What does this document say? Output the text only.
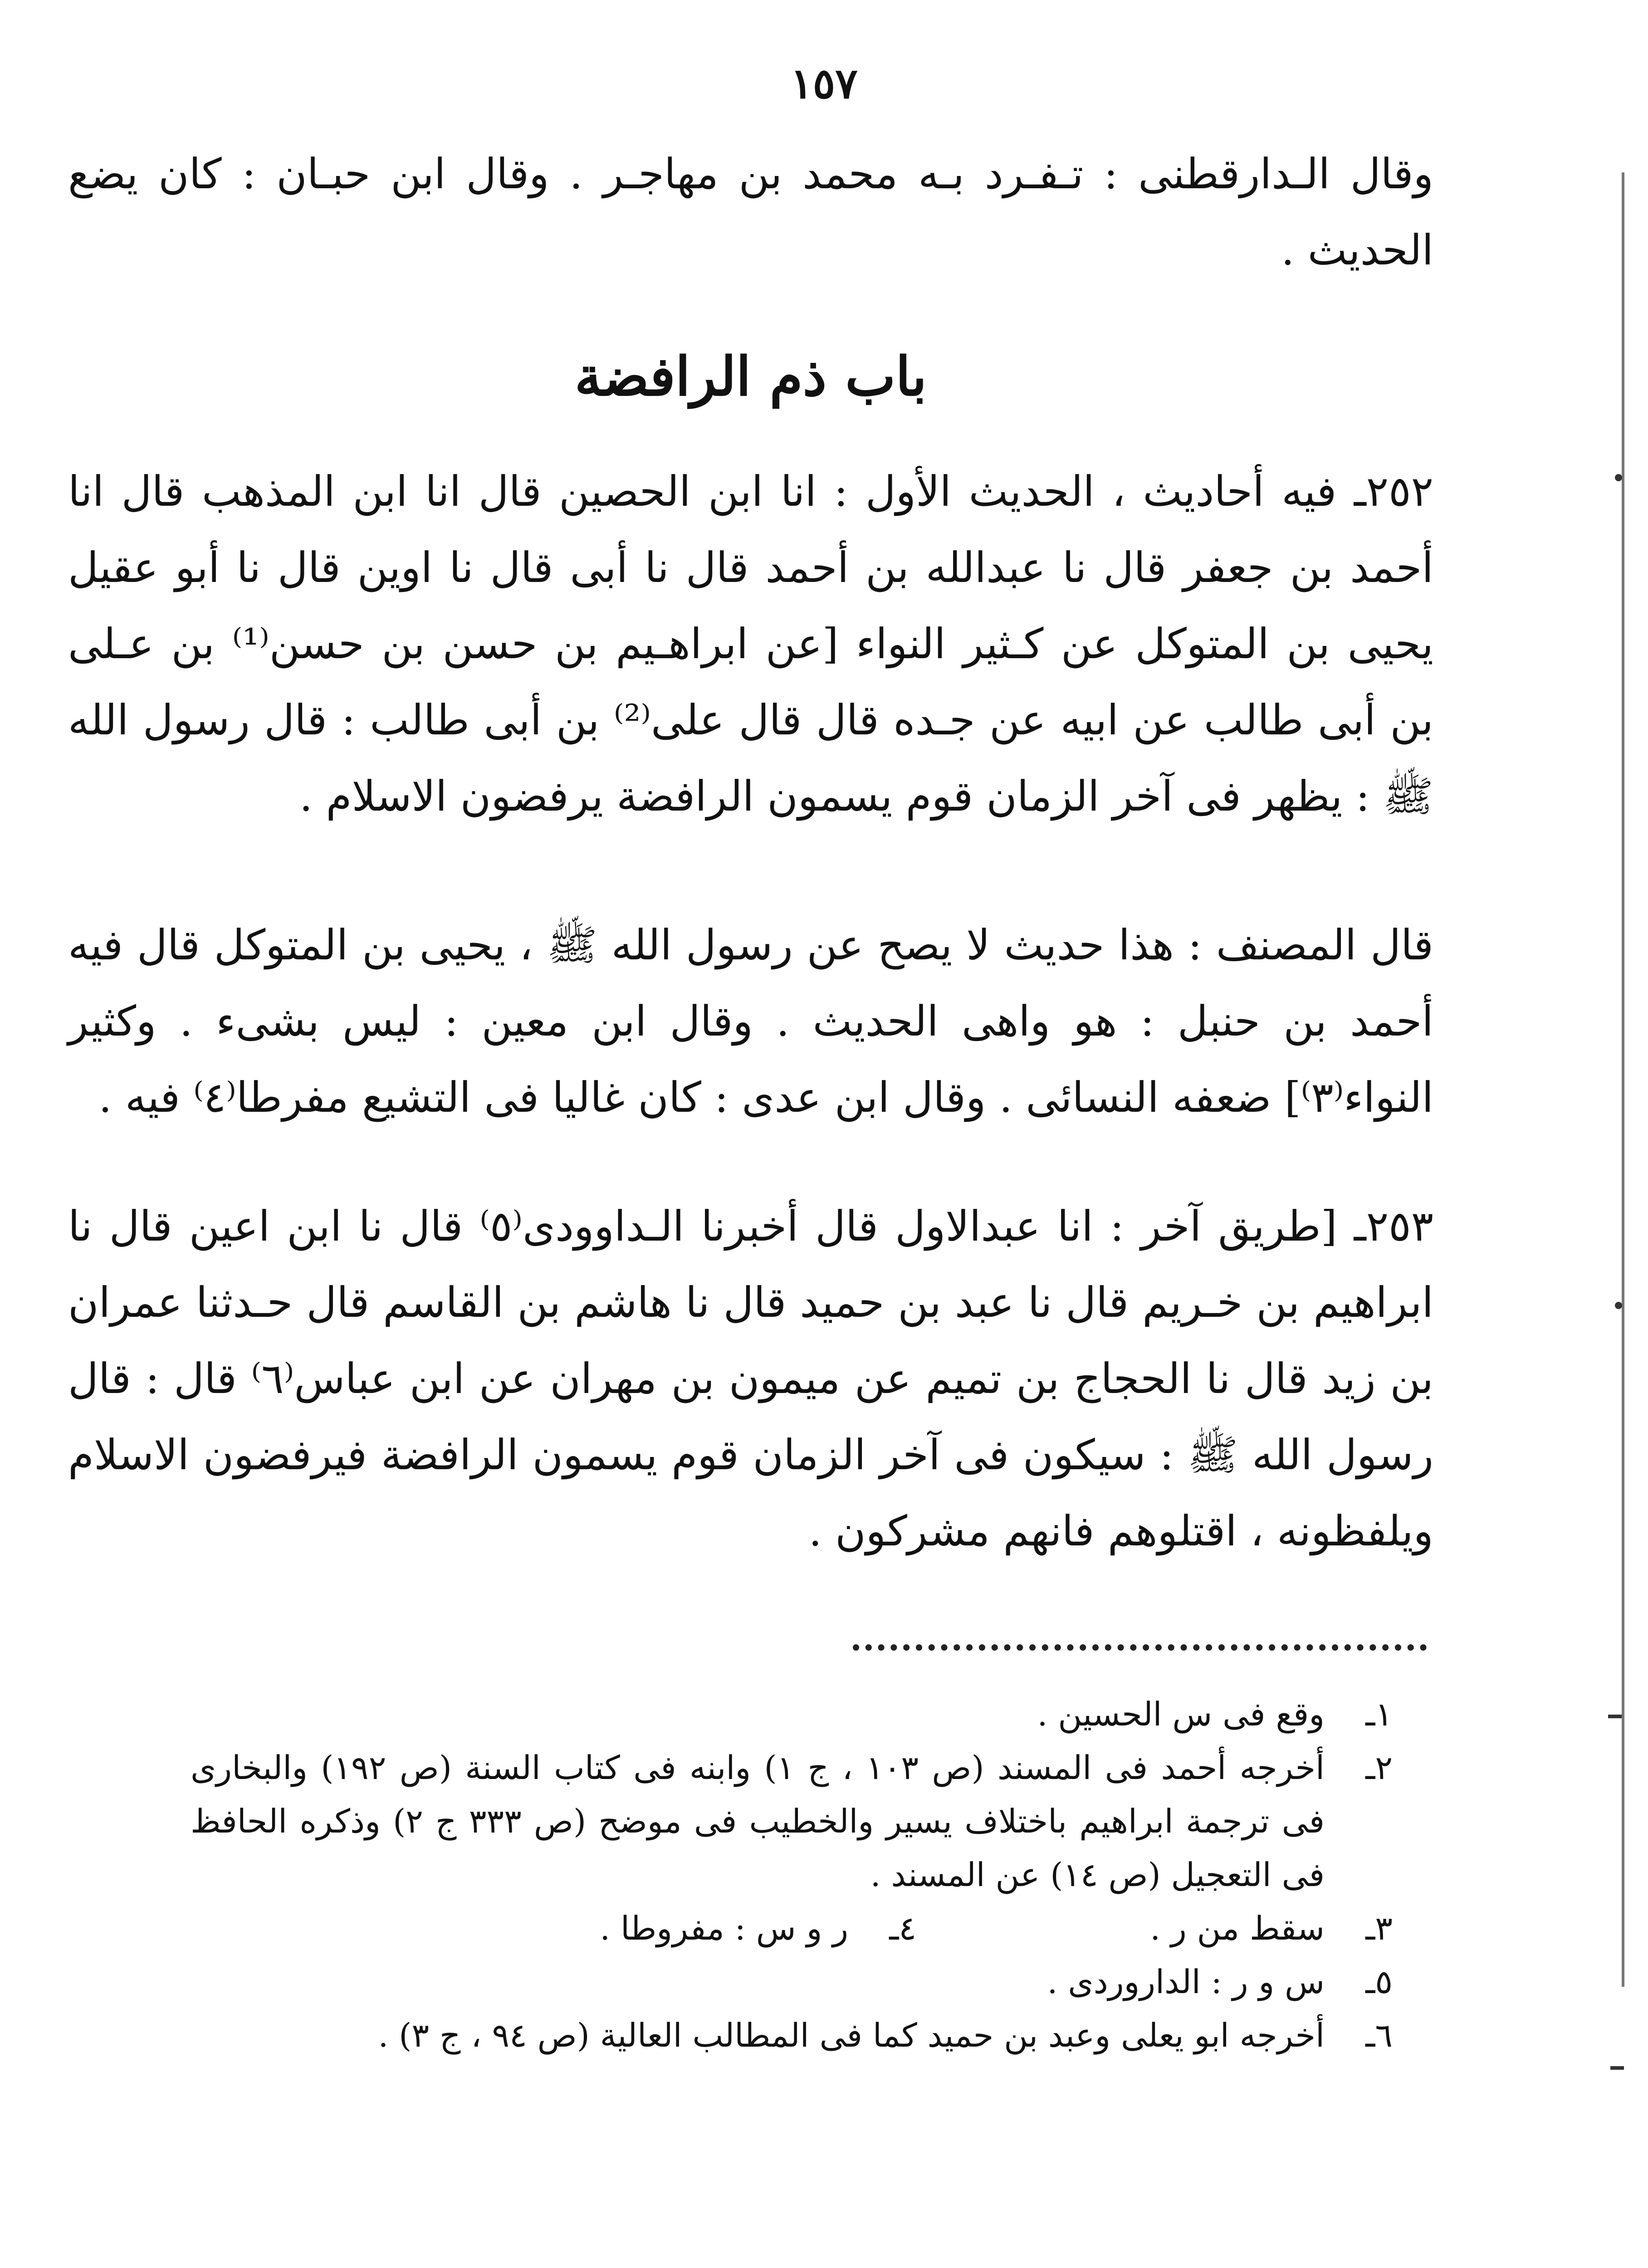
١٥٧
وقال الـدارقطنى : تـفـرد بـه محمد بن مهاجـر . وقال ابن حبـان : كان يضع الحديث .
باب ذم الرافضة
٢٥٢ـ فيه أحاديث ، الحديث الأول : انا ابن الحصين قال انا ابن المذهب قال انا أحمد بن جعفر قال نا عبدالله بن أحمد قال نا أبى قال نا اوين قال نا أبو عقيل يحيى بن المتوكل عن كـثير النواء [عن ابراهـيم بن حسن بن حسن⁽¹⁾ بن عـلى بن أبى طالب عن ابيه عن جـده قال قال على⁽²⁾ بن أبى طالب : قال رسول الله ﷺ : يظهر فى آخر الزمان قوم يسمون الرافضة يرفضون الاسلام .
قال المصنف : هذا حديث لا يصح عن رسول الله ﷺ ، يحيى بن المتوكل قال فيه أحمد بن حنبل : هو واهى الحديث . وقال ابن معين : ليس بشىء . وكثير النواء⁽٣⁾] ضعفه النسائى . وقال ابن عدى : كان غاليا فى التشيع مفرطا⁽٤⁾ فيه .
٢٥٣ـ [طريق آخر : انا عبدالاول قال أخبرنا الـداوودى⁽٥⁾ قال نا ابن اعين قال نا ابراهيم بن خـريم قال نا عبد بن حميد قال نا هاشم بن القاسم قال حـدثنا عمران بن زيد قال نا الحجاج بن تميم عن ميمون بن مهران عن ابن عباس⁽٦⁾ قال : قال رسول الله ﷺ : سيكون فى آخر الزمان قوم يسمون الرافضة فيرفضون الاسلام ويلفظونه ، اقتلوهم فانهم مشركون .
١ـ
وقع فى س الحسين .
٢ـ
أخرجه أحمد فى المسند (ص ١٠٣ ، ج ١) وابنه فى كتاب السنة (ص ١٩٢) والبخارى فى ترجمة ابراهيم باختلاف يسير والخطيب فى موضح (ص ٣٣٣ ج ٢) وذكره الحافظ فى التعجيل (ص ١٤) عن المسند .
٣ـ
سقط من ر .
٤ـ
ر و س : مفروطا .
٥ـ
س و ر : الداروردى .
٦ـ
أخرجه ابو يعلى وعبد بن حميد كما فى المطالب العالية (ص ٩٤ ، ج ٣) .
